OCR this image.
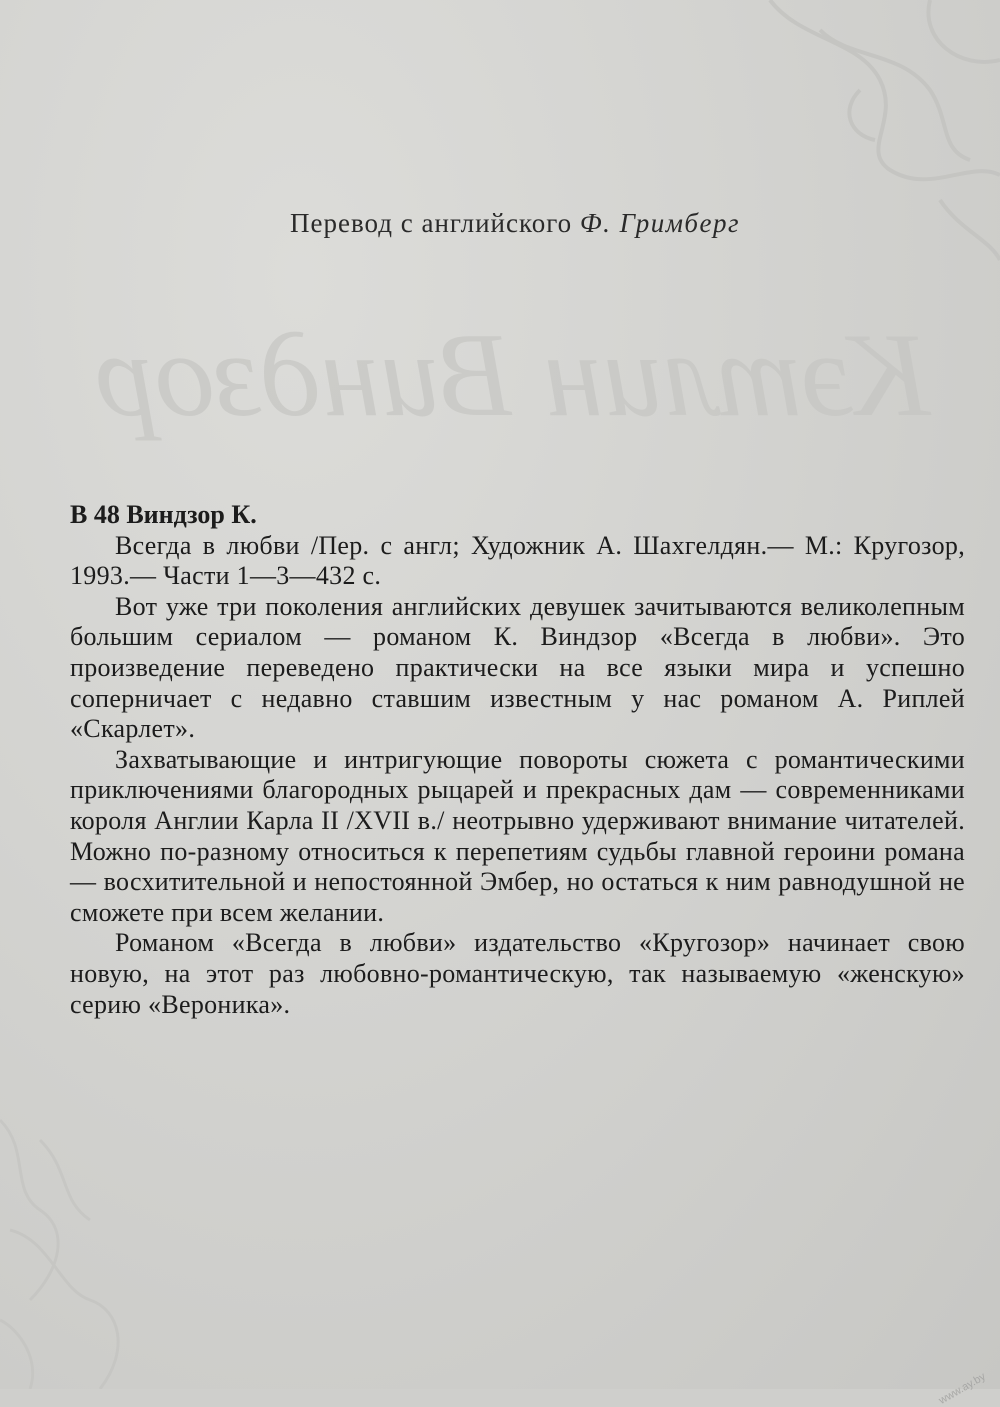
Кэтлин Виндзор
Перевод с английского Ф. Гримберг
В 48 Виндзор К.

Всегда в любви /Пер. с англ; Художник А. Шахгелдян.— М.: Кругозор, 1993.— Части 1—3—432 с.

Вот уже три поколения английских девушек зачитываются великолепным большим сериалом — романом К. Виндзор «Всегда в любви». Это произведение переведено практически на все языки мира и успешно соперничает с недавно ставшим известным у нас романом А. Риплей «Скарлет».

Захватывающие и интригующие повороты сюжета с романтическими приключениями благородных рыцарей и прекрасных дам — современниками короля Англии Карла II /XVII в./ неотрывно удерживают внимание читателей. Можно по-разному относиться к перепетиям судьбы главной героини романа — восхитительной и непостоянной Эмбер, но остаться к ним равнодушной не сможете при всем желании.

Романом «Всегда в любви» издательство «Кругозор» начинает свою новую, на этот раз любовно-романтическую, так называемую «женскую» серию «Вероника».

www.ay.by
